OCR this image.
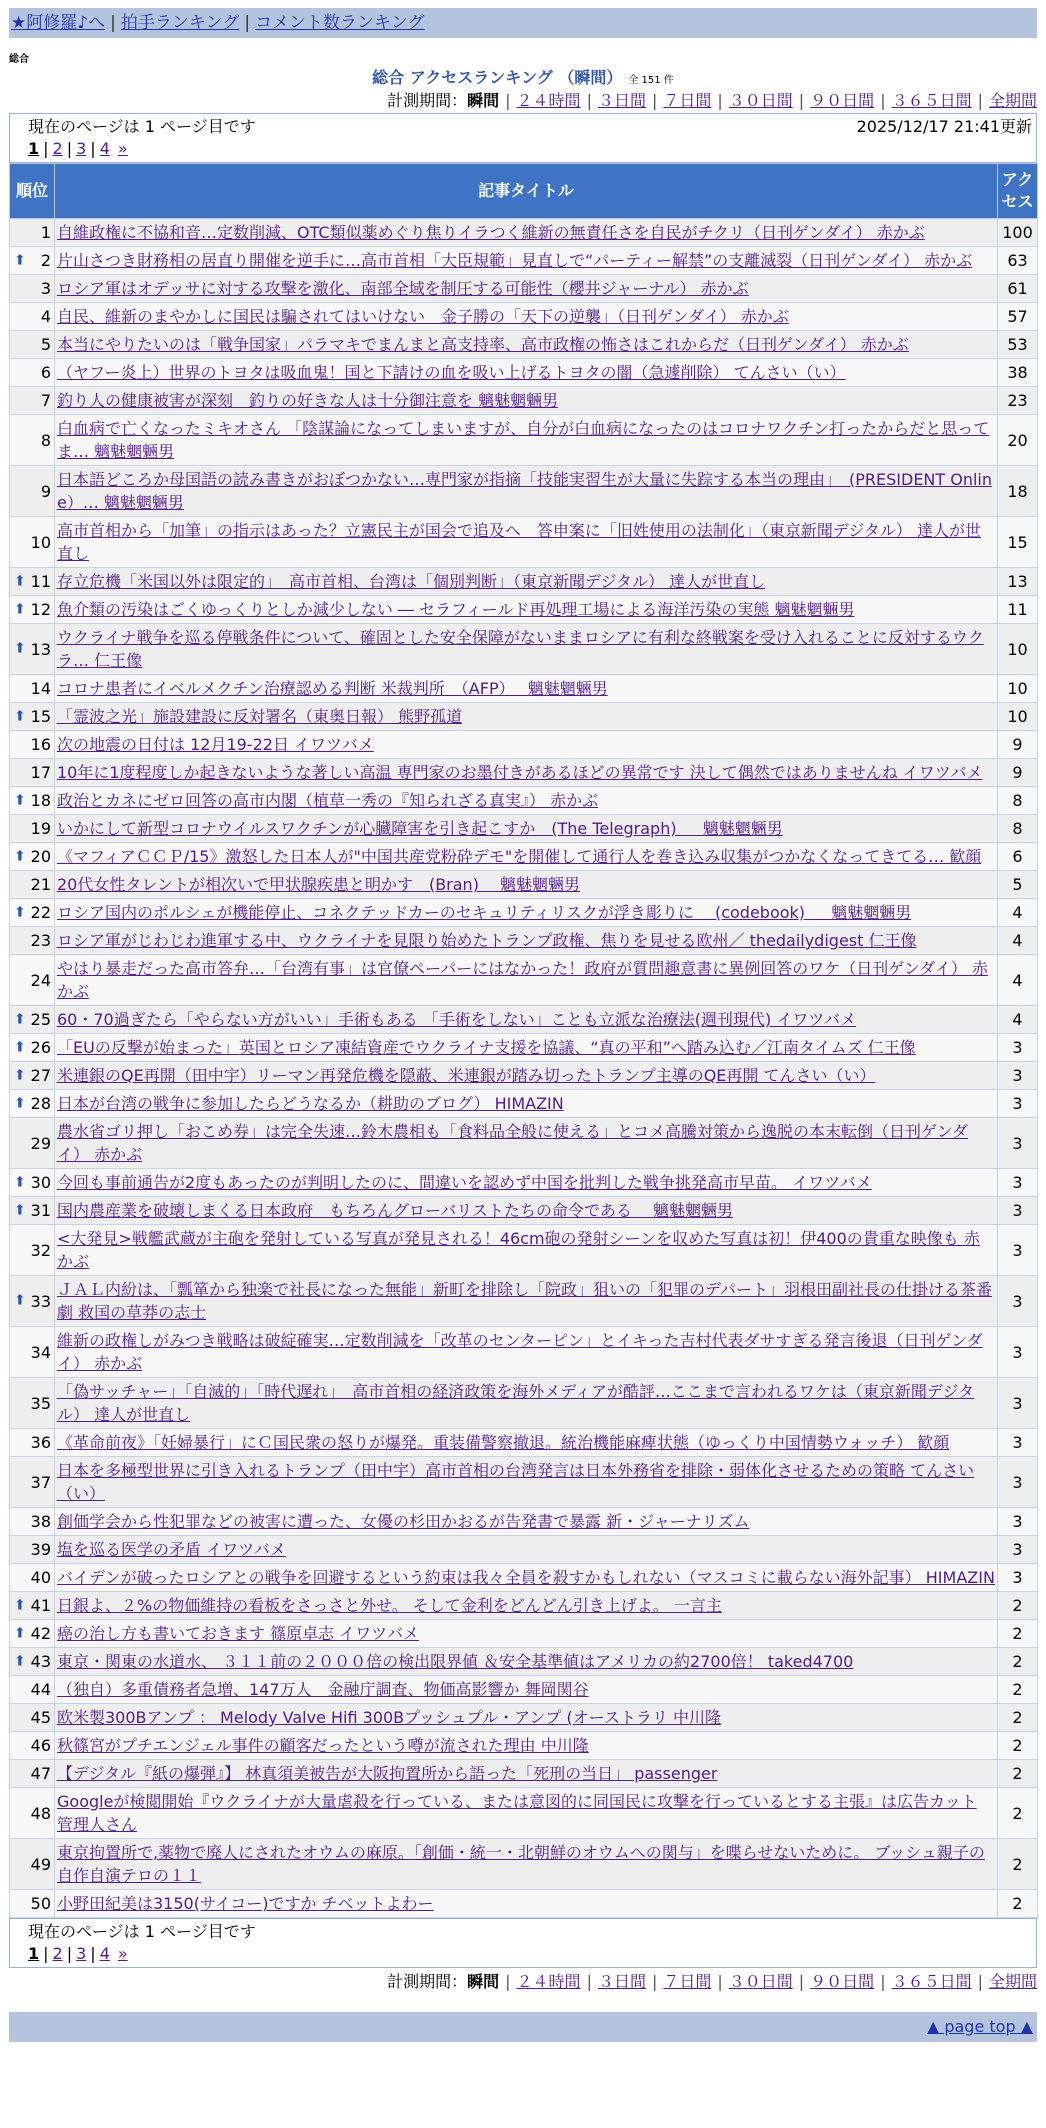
★阿修羅♪へ | 拍手ランキング | コメント数ランキング
総合
総合 アクセスランキング （瞬間） 全 151 件
計測期間：瞬間 | ２４時間 | ３日間 | ７日間 | ３０日間 | ９０日間 | ３６５日間 | 全期間
現在のページは 1 ページ目です	2025/12/17 21:41更新
1 | 2 | 3 | 4 »
順位	記事タイトル	アクセス
1	自維政権に不協和音…定数削減、OTC類似薬めぐり焦りイラつく維新の無責任さを自民がチクリ（日刊ゲンダイ） 赤かぶ	100

⬆ 2	片山さつき財務相の居直り開催を逆手に…高市首相「大臣規範」見直しで“パーティー解禁”の支離滅裂（日刊ゲンダイ） 赤かぶ	63
3	ロシア軍はオデッサに対する攻撃を激化、南部全域を制圧する可能性（櫻井ジャーナル） 赤かぶ	61
4	自民、維新のまやかしに国民は騙されてはいけない　金子勝の「天下の逆襲」（日刊ゲンダイ） 赤かぶ	57
5	本当にやりたいのは「戦争国家」パラマキでまんまと高支持率、高市政権の怖さはこれからだ（日刊ゲンダイ） 赤かぶ	53
6	（ヤフー炎上）世界のトヨタは吸血鬼！国と下請けの血を吸い上げるトヨタの闇（急遽削除） てんさい（い）	38
7	釣り人の健康被害が深刻　釣りの好きな人は十分御注意を 魑魅魍魎男	23
8	白血病で亡くなったミキオさん 「陰謀論になってしまいますが、自分が白血病になったのはコロナワクチン打ったからだと思ってま… 魑魅魍魎男	20
9	日本語どころか母国語の読み書きがおぼつかない…専門家が指摘「技能実習生が大量に失踪する本当の理由」　(PRESIDENT Online）… 魑魅魍魎男	18
10	高市首相から「加筆」の指示はあった？立憲民主が国会で追及へ　答申案に「旧姓使用の法制化」（東京新聞デジタル） 達人が世直し	15

⬆ 11	存立危機「米国以外は限定的」　高市首相、台湾は「個別判断」（東京新聞デジタル） 達人が世直し	13

⬆ 12	魚介類の汚染はごくゆっくりとしか減少しない ― セラフィールド再処理工場による海洋汚染の実態 魑魅魍魎男	11

⬆ 13	ウクライナ戦争を巡る停戦条件について、確固とした安全保障がないままロシアに有利な終戦案を受け入れることに反対するウクラ… 仁王像	10
14	コロナ患者にイベルメクチン治療認める判断 米裁判所　（AFP）　 魑魅魍魎男	10

⬆ 15	「霊波之光」施設建設に反対署名（東奥日報） 熊野孤道	10
16	次の地震の日付は 12月19-22日 イワツバメ	9
17	10年に1度程度しか起きないような著しい高温 専門家のお墨付きがあるほどの異常です 決して偶然ではありませんね イワツバメ	9

⬆ 18	政治とカネにゼロ回答の高市内閣（植草一秀の『知られざる真実』） 赤かぶ	8
19	いかにして新型コロナウイルスワクチンが心臓障害を引き起こすか　(The Telegraph) 　 魑魅魍魎男	8

⬆ 20	《マフィアＣＣＰ/15》激怒した日本人が"中国共産党粉砕デモ"を開催して通行人を巻き込み収集がつかなくなってきてる… 歓顔	6
21	20代女性タレントが相次いで甲状腺疾患と明かす　(Bran) 　魑魅魍魎男	5

⬆ 22	ロシア国内のポルシェが機能停止、コネクテッドカーのセキュリティリスクが浮き彫りに　 (codebook) 　 魑魅魍魎男	4
23	ロシア軍がじわじわ進軍する中、ウクライナを見限り始めたトランプ政権、焦りを見せる欧州／ thedailydigest 仁王像	4
24	やはり暴走だった高市答弁…「台湾有事」は官僚ペーパーにはなかった！政府が質問趣意書に異例回答のワケ（日刊ゲンダイ） 赤かぶ	4

⬆ 25	60・70過ぎたら「やらない方がいい」手術もある 「手術をしない」ことも立派な治療法(週刊現代) イワツバメ	4

⬆ 26	「EUの反撃が始まった」英国とロシア凍結資産でウクライナ支援を協議、“真の平和”へ踏み込む／江南タイムズ 仁王像	3

⬆ 27	米連銀のQE再開（田中宇）リーマン再発危機を隠蔽、米連銀が踏み切ったトランプ主導のQE再開 てんさい（い）	3

⬆ 28	日本が台湾の戦争に参加したらどうなるか（耕助のブログ） HIMAZIN	3
29	農水省ゴリ押し「おこめ券」は完全失速…鈴木農相も「食料品全般に使える」とコメ高騰対策から逸脱の本末転倒（日刊ゲンダイ） 赤かぶ	3

⬆ 30	今回も事前通告が2度もあったのが判明したのに、間違いを認めず中国を批判した戦争挑発高市早苗。 イワツバメ	3

⬆ 31	国内農産業を破壊しまくる日本政府　もちろんグローバリストたちの命令である　 魑魅魍魎男	3
32	<大発見>戦艦武蔵が主砲を発射している写真が発見される！46cm砲の発射シーンを収めた写真は初！伊400の貴重な映像も 赤かぶ	3

⬆ 33	ＪＡＬ内紛は、「瓢箪から独楽で社長になった無能」新町を排除し「院政」狙いの「犯罪のデパート」羽根田副社長の仕掛ける茶番劇 救国の草莽の志士	3
34	維新の政権しがみつき戦略は破綻確実…定数削減を「改革のセンターピン」とイキった吉村代表ダサすぎる発言後退（日刊ゲンダイ） 赤かぶ	3
35	「偽サッチャー」「自滅的」「時代遅れ」　高市首相の経済政策を海外メディアが酷評…ここまで言われるワケは（東京新聞デジタル） 達人が世直し	3
36	《革命前夜》「妊婦暴行」にＣ国民衆の怒りが爆発。重装備警察撤退。統治機能麻痺状態（ゆっくり中国情勢ウォッチ） 歓顔	3
37	日本を多極型世界に引き入れるトランプ（田中宇）高市首相の台湾発言は日本外務省を排除・弱体化させるための策略 てんさい（い）	3
38	創価学会から性犯罪などの被害に遭った、女優の杉田かおるが告発書で暴露 新・ジャーナリズム	3
39	塩を巡る医学の矛盾 イワツバメ	3
40	バイデンが破ったロシアとの戦争を回避するという約束は我々全員を殺すかもしれない（マスコミに載らない海外記事） HIMAZIN	3

⬆ 41	日銀よ、２%の物価維持の看板をさっさと外せ。 そして金利をどんどん引き上げよ。 一言主	2

⬆ 42	癌の治し方も書いておきます 篠原卓志 イワツバメ	2

⬆ 43	東京・関東の水道水、 ３１１前の２０００倍の検出限界値 ＆安全基準値はアメリカの約2700倍！ taked4700	2
44	（独自）多重債務者急増、147万人　金融庁調査、物価高影響か 舞岡関谷	2
45	欧米製300Bアンプ ： Melody Valve Hifi 300Bプッシュプル・アンプ (オーストラリ 中川隆	2
46	秋篠宮がプチエンジェル事件の顧客だったという噂が流された理由 中川隆	2
47	【デジタル『紙の爆弾』】 林真須美被告が大阪拘置所から語った「死刑の当日」 passenger	2
48	Googleが検閲開始『ウクライナが大量虐殺を行っている、または意図的に同国民に攻撃を行っているとする主張』は広告カット 管理人さん	2
49	東京拘置所で,薬物で廃人にされたオウムの麻原。「創価・統一・北朝鮮のオウムへの関与」を喋らせないために。 ブッシュ親子の自作自演テロの１１	2
50	小野田紀美は3150(サイコー)ですか チベットよわー	2
現在のページは 1 ページ目です
1 | 2 | 3 | 4 »
計測期間：瞬間 | ２４時間 | ３日間 | ７日間 | ３０日間 | ９０日間 | ３６５日間 | 全期間
▲ page top ▲
